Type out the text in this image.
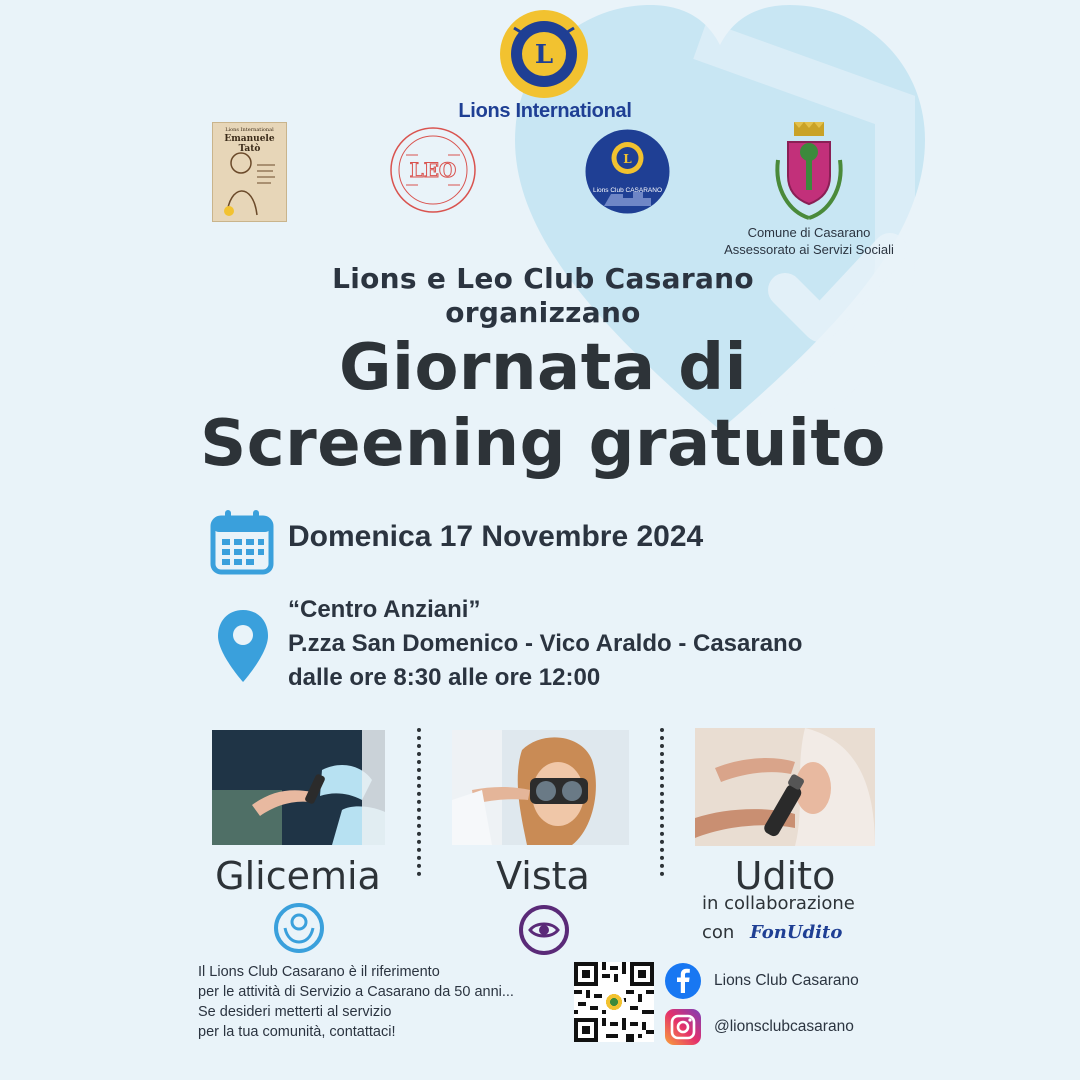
L
Lions International
Lions International
Emanuele Tatò
LEO	L
Lions Club CASARANO
Comune di Casarano
Assessorato ai Servizi Sociali
Lions e Leo Club Casarano
organizzano
Giornata di
Screening gratuito
Domenica 17 Novembre 2024
“Centro Anziani”
P.zza San Domenico - Vico Araldo - Casarano
dalle ore 8:30 alle ore 12:00
Glicemia	Vista	Udito
in collaborazione
con FonUdito
Il Lions Club Casarano è il riferimento
per le attività di Servizio a Casarano da 50 anni...
Se desideri metterti al servizio
per la tua comunità, contattaci!
Lions Club Casarano
@lionsclubcasarano
